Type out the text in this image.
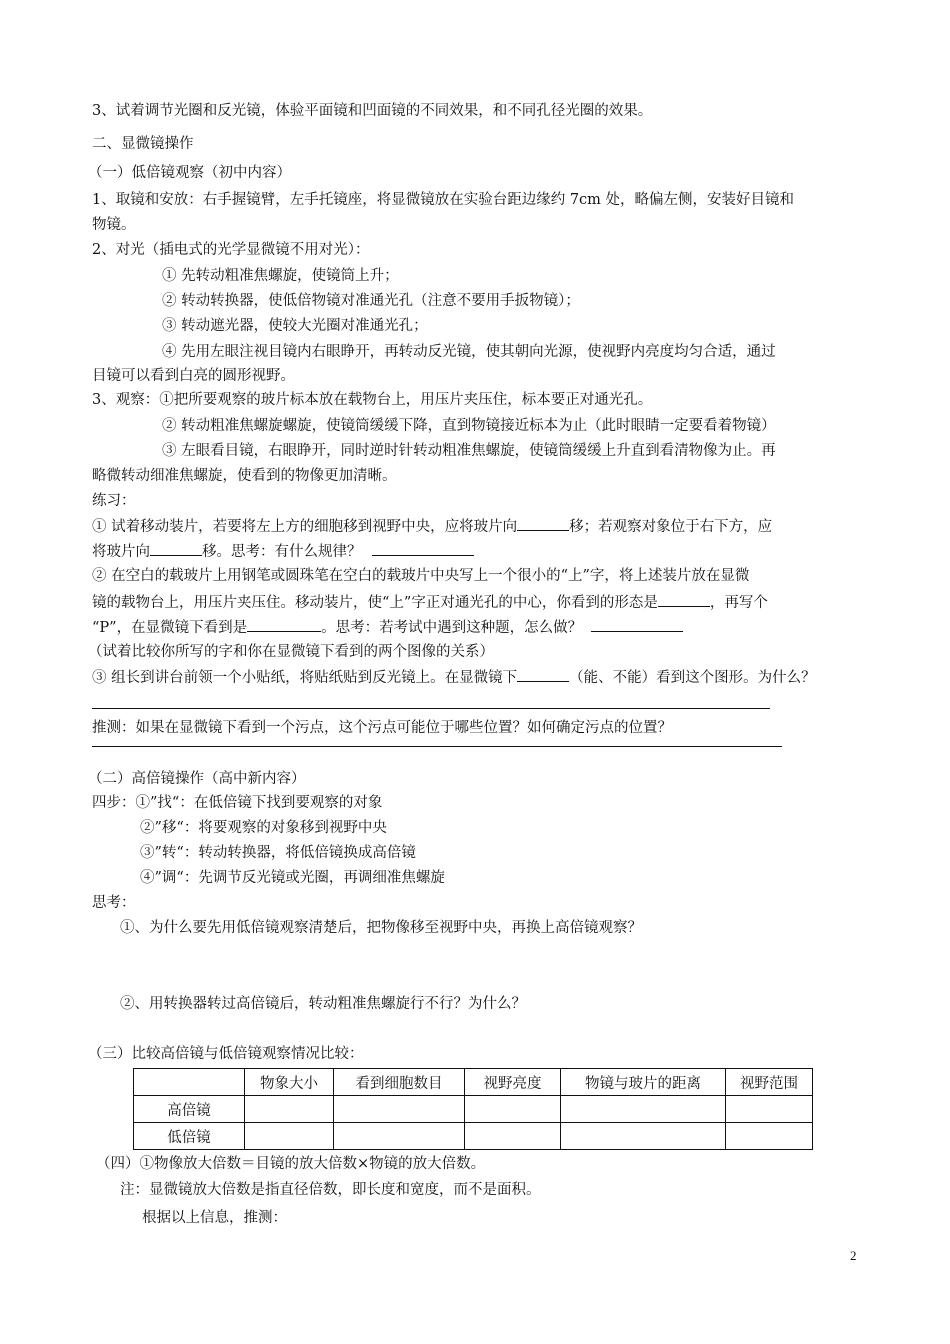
3、试着调节光圈和反光镜，体验平面镜和凹面镜的不同效果，和不同孔径光圈的效果。
二、显微镜操作
（一）低倍镜观察（初中内容）
1、取镜和安放：右手握镜臂，左手托镜座，将显微镜放在实验台距边缘约 7cm 处，略偏左侧，安装好目镜和
物镜。
2、对光（插电式的光学显微镜不用对光）：
① 先转动粗准焦螺旋，使镜筒上升；
② 转动转换器，使低倍物镜对准通光孔（注意不要用手扳物镜）；
③ 转动遮光器，使较大光圈对准通光孔；
④ 先用左眼注视目镜内右眼睁开，再转动反光镜，使其朝向光源，使视野内亮度均匀合适，通过
目镜可以看到白亮的圆形视野。
3、观察：①把所要观察的玻片标本放在载物台上，用压片夹压住，标本要正对通光孔。
② 转动粗准焦螺旋螺旋，使镜筒缓缓下降，直到物镜接近标本为止（此时眼睛一定要看着物镜）
③ 左眼看目镜，右眼睁开，同时逆时针转动粗准焦螺旋，使镜筒缓缓上升直到看清物像为止。再
略微转动细准焦螺旋，使看到的物像更加清晰。
练习：
① 试着移动装片，若要将左上方的细胞移到视野中央，应将玻片向	移；若观察对象位于右下方，应
将玻片向	移。思考：有什么规律？
② 在空白的载玻片上用钢笔或圆珠笔在空白的载玻片中央写上一个很小的“上”字，将上述装片放在显微
镜的载物台上，用压片夹压住。移动装片，使“上”字正对通光孔的中心，你看到的形态是	，再写个
“P”，在显微镜下看到是	。思考：若考试中遇到这种题，怎么做？
（试着比较你所写的字和你在显微镜下看到的两个图像的关系）
③ 组长到讲台前领一个小贴纸，将贴纸贴到反光镜上。在显微镜下	（能、不能）看到这个图形。为什么？
推测：如果在显微镜下看到一个污点，这个污点可能位于哪些位置？如何确定污点的位置？
（二）高倍镜操作（高中新内容）
四步：①”找“：在低倍镜下找到要观察的对象
②”移“：将要观察的对象移到视野中央
③”转“：转动转换器，将低倍镜换成高倍镜
④”调“：先调节反光镜或光圈，再调细准焦螺旋
思考：
①、为什么要先用低倍镜观察清楚后，把物像移至视野中央，再换上高倍镜观察？
②、用转换器转过高倍镜后，转动粗准焦螺旋行不行？为什么？
（三）比较高倍镜与低倍镜观察情况比较：
	物象大小	看到细胞数目	视野亮度	物镜与玻片的距离	视野范围
高倍镜					
低倍镜					
（四）①物像放大倍数＝目镜的放大倍数×物镜的放大倍数。
注：显微镜放大倍数是指直径倍数，即长度和宽度，而不是面积。
根据以上信息，推测：
2
